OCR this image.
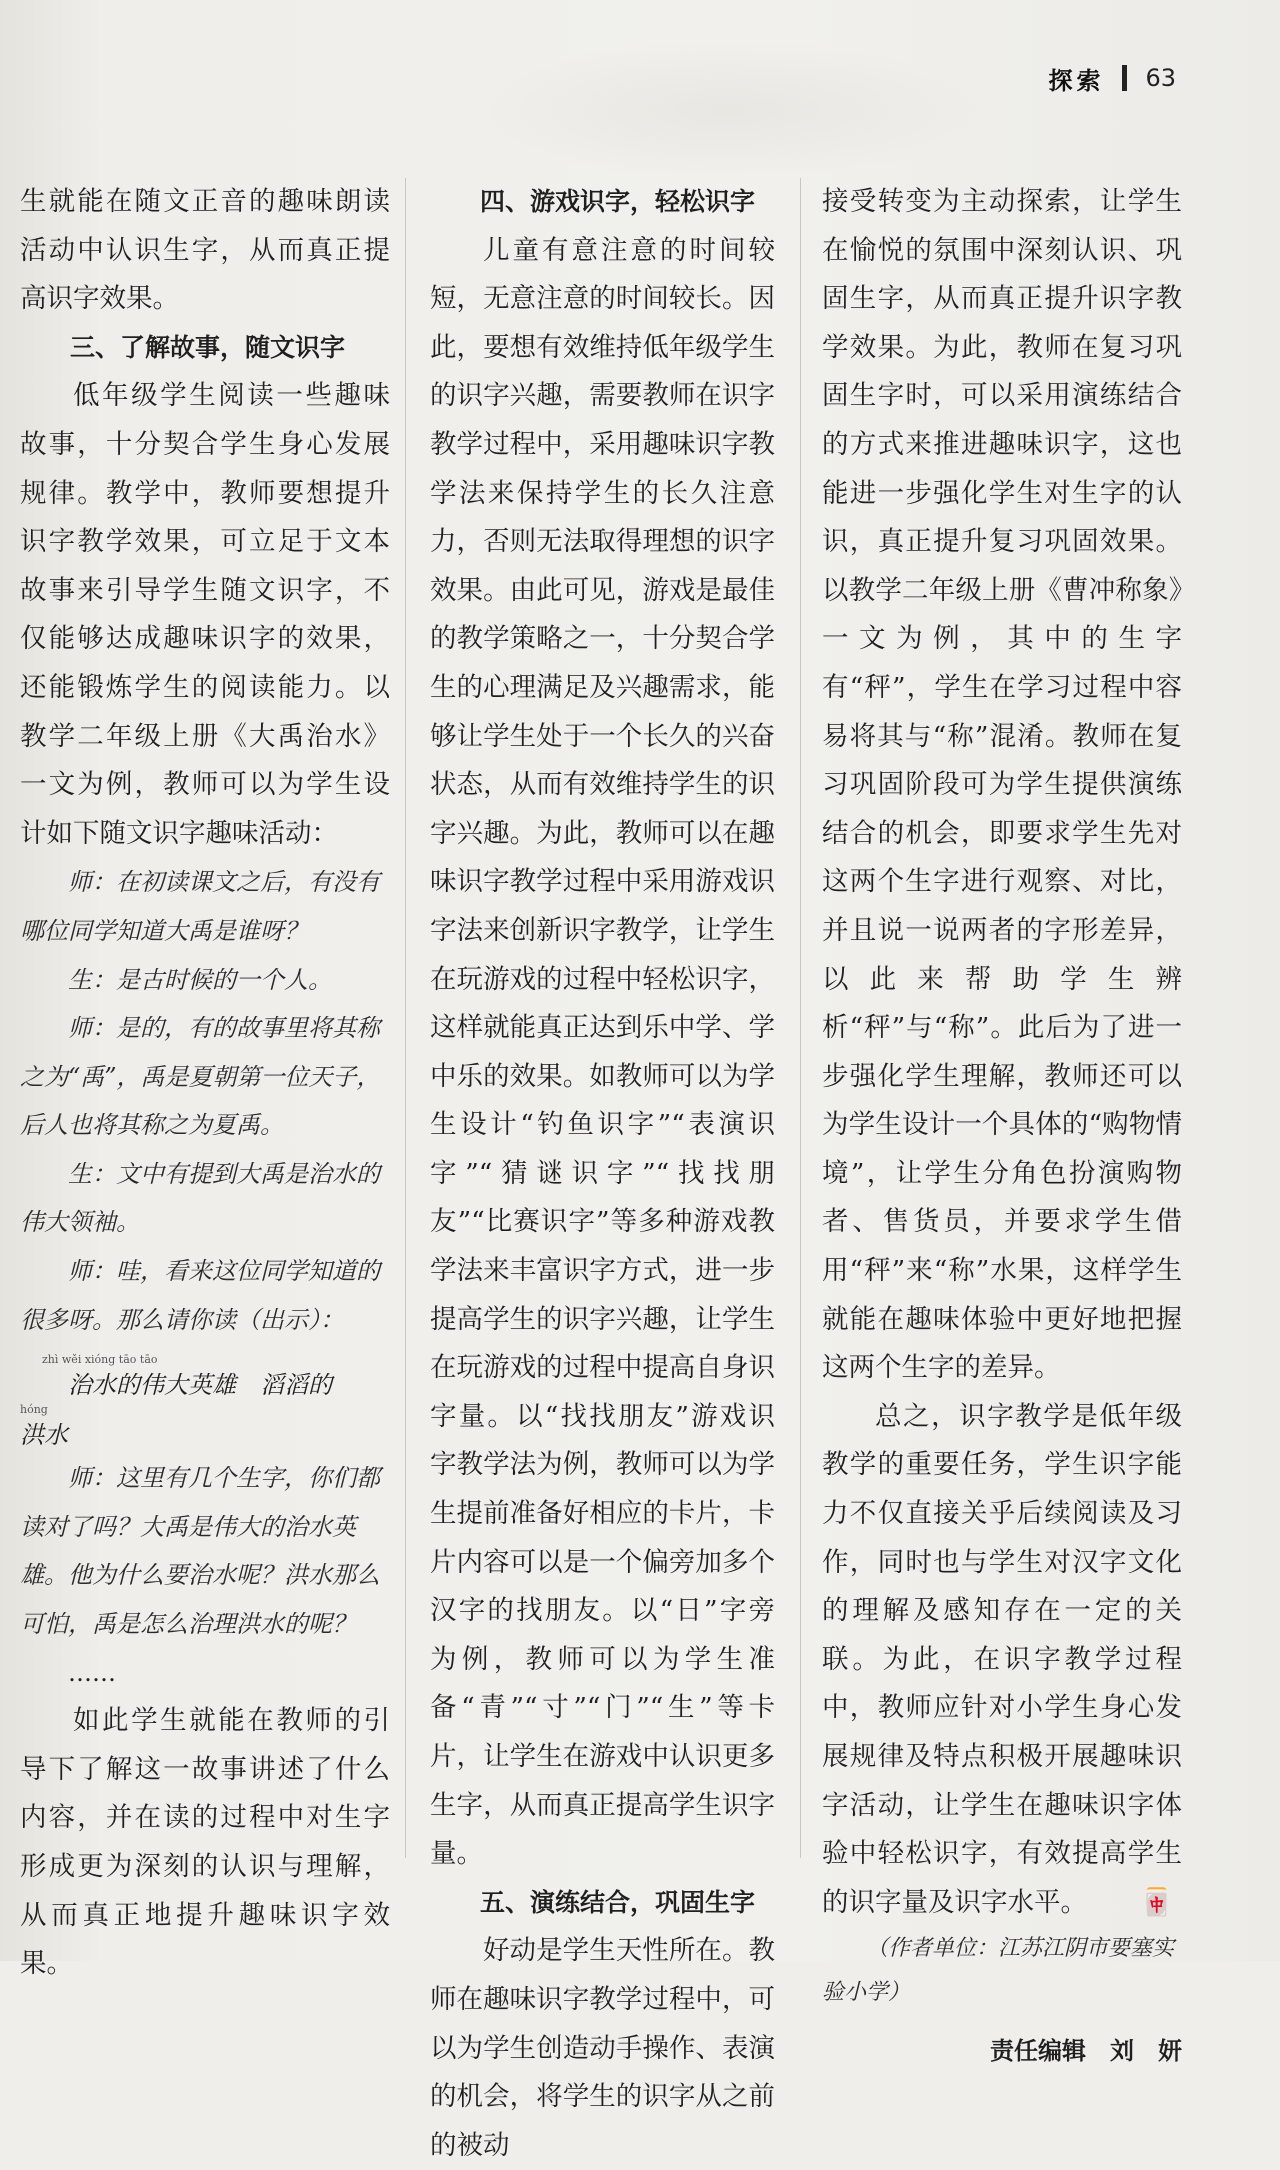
探索 63

生就能在随文正音的趣味朗读活动中认识生字，从而真正提高识字效果。

三、了解故事，随文识字

低年级学生阅读一些趣味故事，十分契合学生身心发展规律。教学中，教师要想提升识字教学效果，可立足于文本故事来引导学生随文识字，不仅能够达成趣味识字的效果，还能锻炼学生的阅读能力。以教学二年级上册《大禹治水》一文为例，教师可以为学生设计如下随文识字趣味活动：

师：在初读课文之后，有没有哪位同学知道大禹是谁呀？

生：是古时候的一个人。

师：是的，有的故事里将其称之为“禹”，禹是夏朝第一位天子，后人也将其称之为夏禹。

生：文中有提到大禹是治水的伟大领袖。

师：哇，看来这位同学知道的很多呀。那么请你读（出示）：

zhì wěi xióng tāo tāo
治水的伟大英雄　滔滔的
hóng
洪水

师：这里有几个生字，你们都读对了吗？大禹是伟大的治水英雄。他为什么要治水呢？洪水那么可怕，禹是怎么治理洪水的呢？

……

如此学生就能在教师的引导下了解这一故事讲述了什么内容，并在读的过程中对生字形成更为深刻的认识与理解，从而真正地提升趣味识字效果。

四、游戏识字，轻松识字

儿童有意注意的时间较短，无意注意的时间较长。因此，要想有效维持低年级学生的识字兴趣，需要教师在识字教学过程中，采用趣味识字教学法来保持学生的长久注意力，否则无法取得理想的识字效果。由此可见，游戏是最佳的教学策略之一，十分契合学生的心理满足及兴趣需求，能够让学生处于一个长久的兴奋状态，从而有效维持学生的识字兴趣。为此，教师可以在趣味识字教学过程中采用游戏识字法来创新识字教学，让学生在玩游戏的过程中轻松识字，这样就能真正达到乐中学、学中乐的效果。如教师可以为学生设计“钓鱼识字”“表演识字”“猜谜识字”“找找朋友”“比赛识字”等多种游戏教学法来丰富识字方式，进一步提高学生的识字兴趣，让学生在玩游戏的过程中提高自身识字量。以“找找朋友”游戏识字教学法为例，教师可以为学生提前准备好相应的卡片，卡片内容可以是一个偏旁加多个汉字的找朋友。以“日”字旁为例，教师可以为学生准备“青”“寸”“门”“生”等卡片，让学生在游戏中认识更多生字，从而真正提高学生识字量。

五、演练结合，巩固生字

好动是学生天性所在。教师在趣味识字教学过程中，可以为学生创造动手操作、表演的机会，将学生的识字从之前的被动

接受转变为主动探索，让学生在愉悦的氛围中深刻认识、巩固生字，从而真正提升识字教学效果。为此，教师在复习巩固生字时，可以采用演练结合的方式来推进趣味识字，这也能进一步强化学生对生字的认识，真正提升复习巩固效果。以教学二年级上册《曹冲称象》一文为例，其中的生字有“秤”，学生在学习过程中容易将其与“称”混淆。教师在复习巩固阶段可为学生提供演练结合的机会，即要求学生先对这两个生字进行观察、对比，并且说一说两者的字形差异，以此来帮助学生辨析“秤”与“称”。此后为了进一步强化学生理解，教师还可以为学生设计一个具体的“购物情境”，让学生分角色扮演购物者、售货员，并要求学生借用“秤”来“称”水果，这样学生就能在趣味体验中更好地把握这两个生字的差异。

总之，识字教学是低年级教学的重要任务，学生识字能力不仅直接关乎后续阅读及习作，同时也与学生对汉字文化的理解及感知存在一定的关联。为此，在识字教学过程中，教师应针对小学生身心发展规律及特点积极开展趣味识字活动，让学生在趣味识字体验中轻松识字，有效提高学生的识字量及识字水平。 🀄

（作者单位：江苏江阴市要塞实验小学）

责任编辑　刘　妍
